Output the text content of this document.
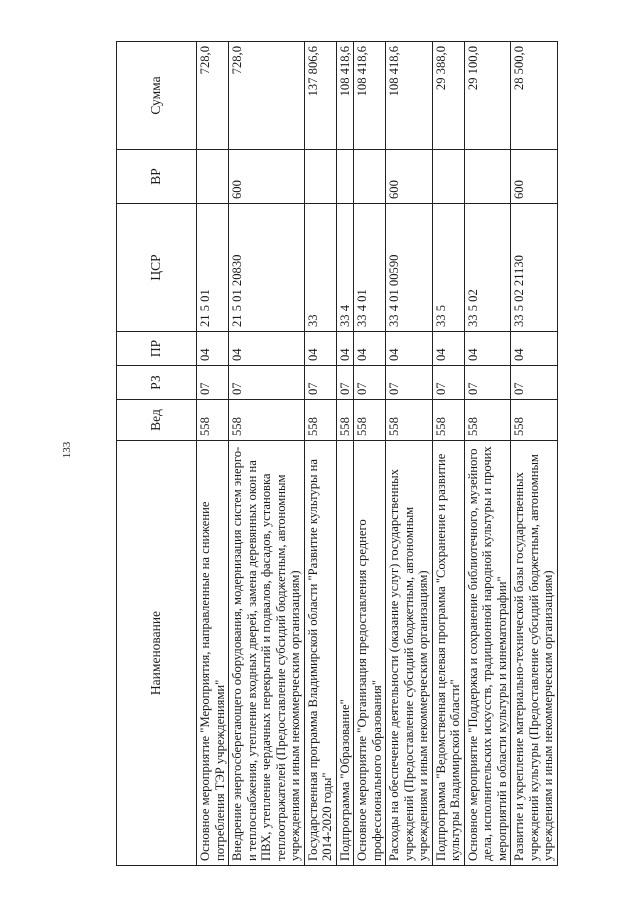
133
Наименование	Вед	РЗ	ПР	ЦСР	ВР	Сумма
Основное мероприятие "Мероприятия, направленные на снижение потребления ТЭР учреждениями"	558	07	04	21 5 01		728,0
Внедрение энергосберегающего оборудования, модернизация систем энерго- и теплоснабжения, утепление входных дверей, замена деревянных окон на ПВХ, утепление чердачных перекрытий и подвалов, фасадов, установка теплоотражателей (Предоставление субсидий бюджетным, автономным учреждениям и иным некоммерческим организациям)	558	07	04	21 5 01 20830	600	728,0
Государственная программа Владимирской области "Развитие культуры на 2014-2020 годы"	558	07	04	33		137 806,6
Подпрограмма "Образование"	558	07	04	33 4		108 418,6
Основное мероприятие "Организация предоставления среднего профессионального образования"	558	07	04	33 4 01		108 418,6
Расходы на обеспечение деятельности (оказание услуг) государственных учреждений (Предоставление субсидий бюджетным, автономным учреждениям и иным некоммерческим организациям)	558	07	04	33 4 01 00590	600	108 418,6
Подпрограмма "Ведомственная целевая программа "Сохранение и развитие культуры Владимирской области"	558	07	04	33 5		29 388,0
Основное мероприятие "Поддержка и сохранение библиотечного, музейного дела, исполнительских искусств, традиционной народной культуры и прочих мероприятий в области культуры и кинематографии"	558	07	04	33 5 02		29 100,0
Развитие и укрепление материально-технической базы государственных учреждений культуры (Предоставление субсидий бюджетным, автономным учреждениям и иным некоммерческим организациям)	558	07	04	33 5 02 21130	600	28 500,0
